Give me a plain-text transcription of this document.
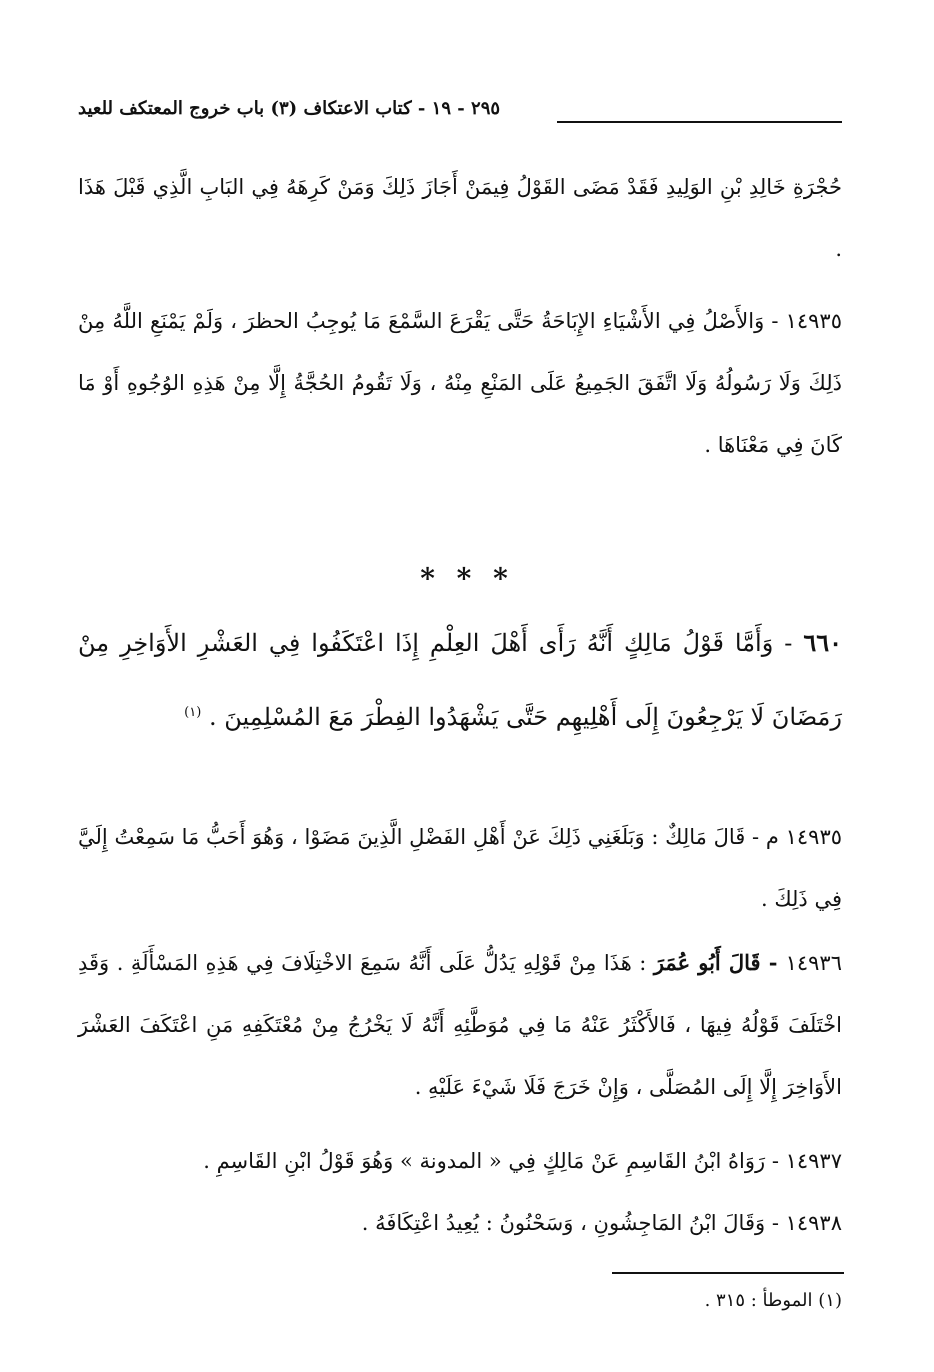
٢٩٥ - ١٩ - كتاب الاعتكاف (٣) باب خروج المعتكف للعيد

حُجْرَةِ خَالِدِ بْنِ الوَلِيدِ فَقَدْ مَضَى القَوْلُ فِيمَنْ أَجَازَ ذَلِكَ وَمَنْ كَرِهَهُ فِي البَابِ الَّذِي قَبْلَ هَذَا .

١٤٩٣٥ - وَالأَصْلُ فِي الأَشْيَاءِ الإِبَاحَةُ حَتَّى يَقْرَعَ السَّمْعَ مَا يُوجِبُ الحظرَ ، وَلَمْ يَمْنَعِ اللَّهُ مِنْ ذَلِكَ وَلَا رَسُولُهُ وَلَا اتَّفَقَ الجَمِيعُ عَلَى المَنْعِ مِنْهُ ، وَلَا تَقُومُ الحُجَّةُ إِلَّا مِنْ هَذِهِ الوُجُوهِ أَوْ مَا كَانَ فِي مَعْنَاهَا .

* * *

٦٦٠ - وَأَمَّا قَوْلُ مَالِكٍ أَنَّهُ رَأَى أَهْلَ العِلْمِ إِذَا اعْتَكَفُوا فِي العَشْرِ الأَوَاخِرِ مِنْ رَمَضَانَ لَا يَرْجِعُونَ إِلَى أَهْلِيهِم حَتَّى يَشْهَدُوا الفِطْرَ مَعَ المُسْلِمِينَ . $^{(١)}$

١٤٩٣٥ م - قَالَ مَالِكٌ : وَبَلَغَنِي ذَلِكَ عَنْ أَهْلِ الفَضْلِ الَّذِينَ مَضَوْا ، وَهُوَ أَحَبُّ مَا سَمِعْتُ إِلَيَّ فِي ذَلِكَ .

١٤٩٣٦ - قَالَ أَبُو عُمَرَ : هَذَا مِنْ قَوْلِهِ يَدُلُّ عَلَى أَنَّهُ سَمِعَ الاخْتِلَافَ فِي هَذِهِ المَسْأَلَةِ . وَقَدِ اخْتَلَفَ قَوْلُهُ فِيهَا ، فَالأَكْثَرُ عَنْهُ مَا فِي مُوَطَّئِهِ أَنَّهُ لَا يَخْرُجُ مِنْ مُعْتَكَفِهِ مَنِ اعْتَكَفَ العَشْرَ الأَوَاخِرَ إِلَّا إِلَى المُصَلَّى ، وَإِنْ خَرَجَ فَلَا شَيْءَ عَلَيْهِ .

١٤٩٣٧ - رَوَاهُ ابْنُ القَاسِمِ عَنْ مَالِكٍ فِي « المدونة » وَهُوَ قَوْلُ ابْنِ القَاسِمِ .

١٤٩٣٨ - وَقَالَ ابْنُ المَاجِشُونِ ، وَسَحْنُونُ : يُعِيدُ اعْتِكَافَهُ .

(١) الموطأ : ٣١٥ .
